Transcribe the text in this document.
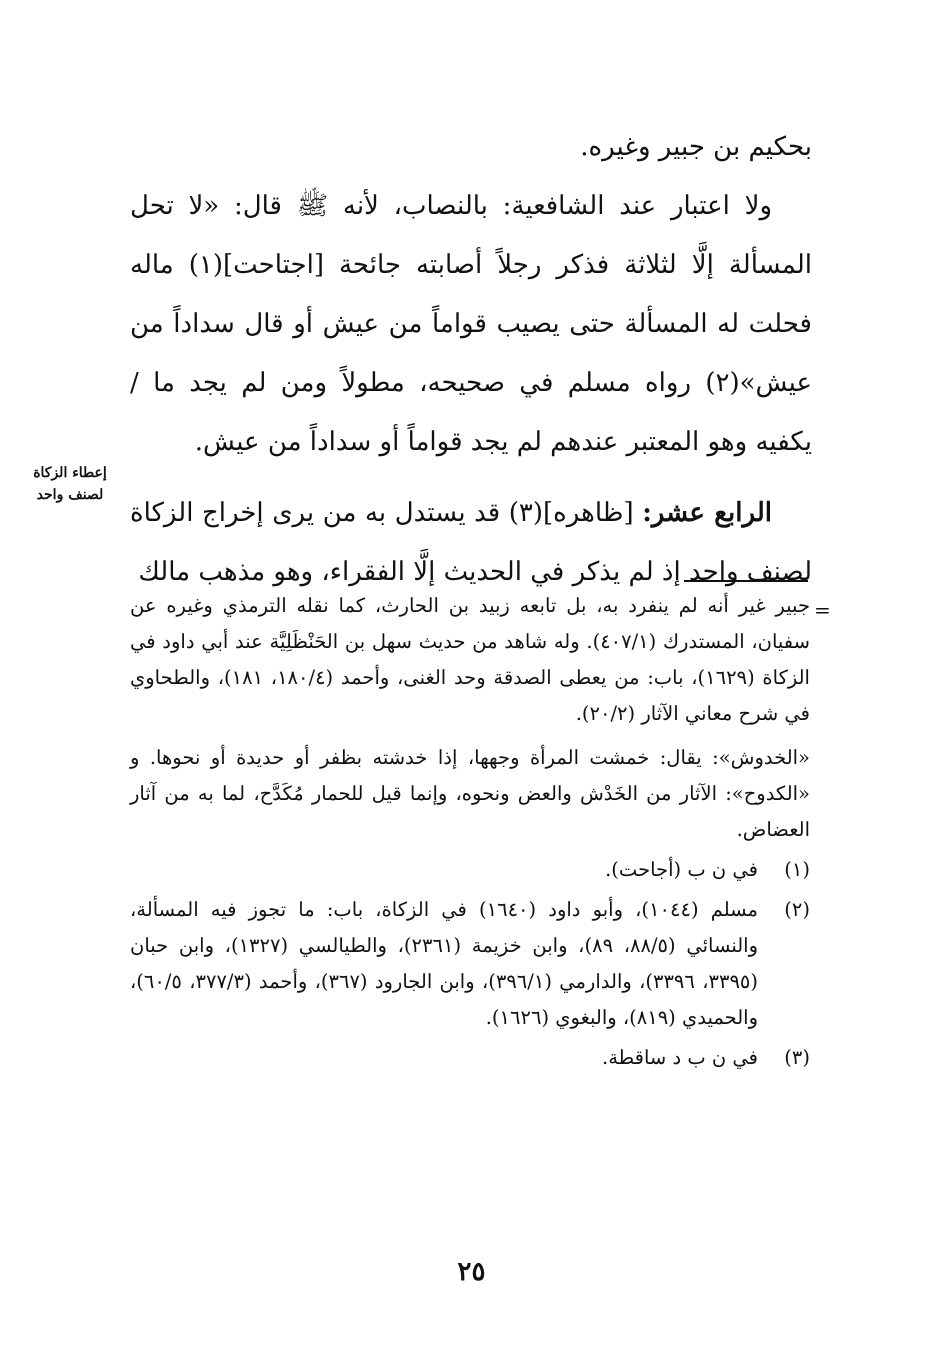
بحكيم بن جبير وغيره.

ولا اعتبار عند الشافعية: بالنصاب، لأنه ﷺ قال: «لا تحل المسألة إلَّا لثلاثة فذكر رجلاً أصابته جائحة [اجتاحت](١) ماله فحلت له المسألة حتى يصيب قواماً من عيش أو قال سداداً من عيش»(٢) رواه مسلم في صحيحه، مطولاً ومن لم يجد ما / يكفيه وهو المعتبر عندهم لم يجد قواماً أو سداداً من عيش.

الرابع عشر: [ظاهره](٣) قد يستدل به من يرى إخراج الزكاة لصنف واحد إذ لم يذكر في الحديث إلَّا الفقراء، وهو مذهب مالك

إعطاء الزكاة
لصنف واحد
=

جبير غير أنه لم ينفرد به، بل تابعه زبيد بن الحارث، كما نقله الترمذي وغيره عن سفيان، المستدرك (٤٠٧/١). وله شاهد من حديث سهل بن الحَنْظَلِيَّة عند أبي داود في الزكاة (١٦٢٩)، باب: من يعطى الصدقة وحد الغنى، وأحمد (١٨٠/٤، ١٨١)، والطحاوي في شرح معاني الآثار (٢٠/٢).

«الخدوش»: يقال: خمشت المرأة وجهها، إذا خدشته بظفر أو حديدة أو نحوها. و «الكدوح»: الآثار من الخَدْش والعض ونحوه، وإنما قيل للحمار مُكَدَّح، لما به من آثار العضاض.

(١)
في ن ب (أجاحت).
(٢)
مسلم (١٠٤٤)، وأبو داود (١٦٤٠) في الزكاة، باب: ما تجوز فيه المسألة، والنسائي (٨٨/٥، ٨٩)، وابن خزيمة (٢٣٦١)، والطيالسي (١٣٢٧)، وابن حبان (٣٣٩٥، ٣٣٩٦)، والدارمي (٣٩٦/١)، وابن الجارود (٣٦٧)، وأحمد (٣٧٧/٣، ٦٠/٥)، والحميدي (٨١٩)، والبغوي (١٦٢٦).
(٣)
في ن ب د ساقطة.
٢٥
